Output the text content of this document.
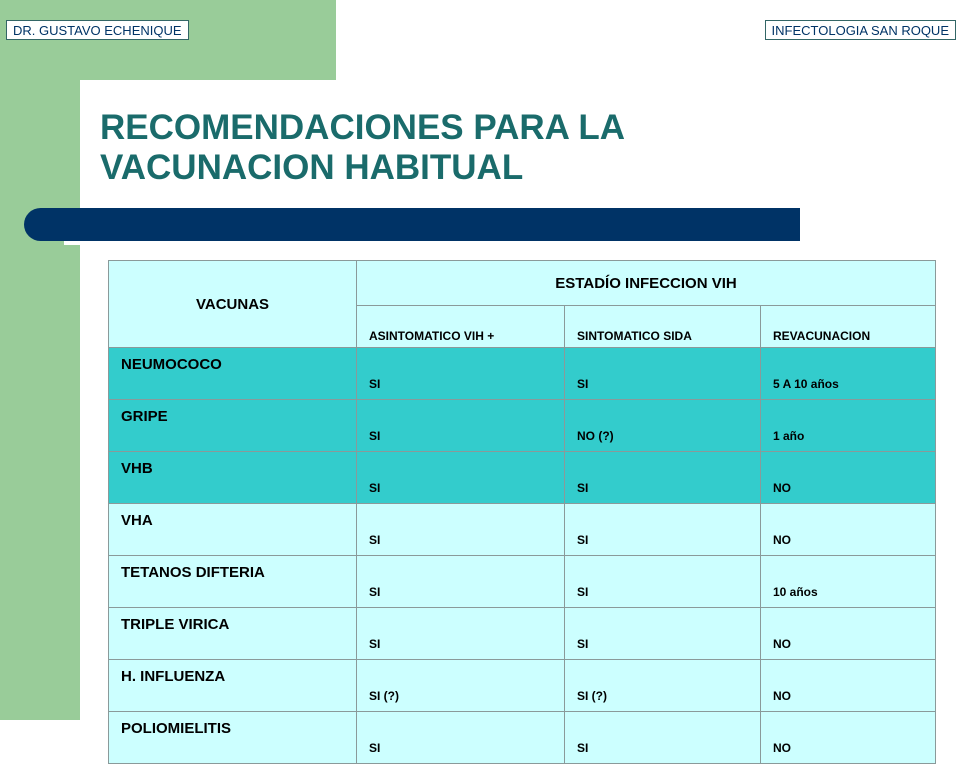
DR. GUSTAVO ECHENIQUE	INFECTOLOGIA SAN ROQUE
RECOMENDACIONES PARA LA
VACUNACION HABITUAL
VACUNAS	ESTADÍO INFECCION VIH		
	ASINTOMATICO VIH +	SINTOMATICO SIDA	REVACUNACION
NEUMOCOCO	SI	SI	5 A 10 años
GRIPE	SI	NO (?)	1 año
VHB	SI	SI	NO
VHA	SI	SI	NO
TETANOS DIFTERIA	SI	SI	10 años
TRIPLE VIRICA	SI	SI	NO
H. INFLUENZA	SI (?)	SI (?)	NO
POLIOMIELITIS	SI	SI	NO
